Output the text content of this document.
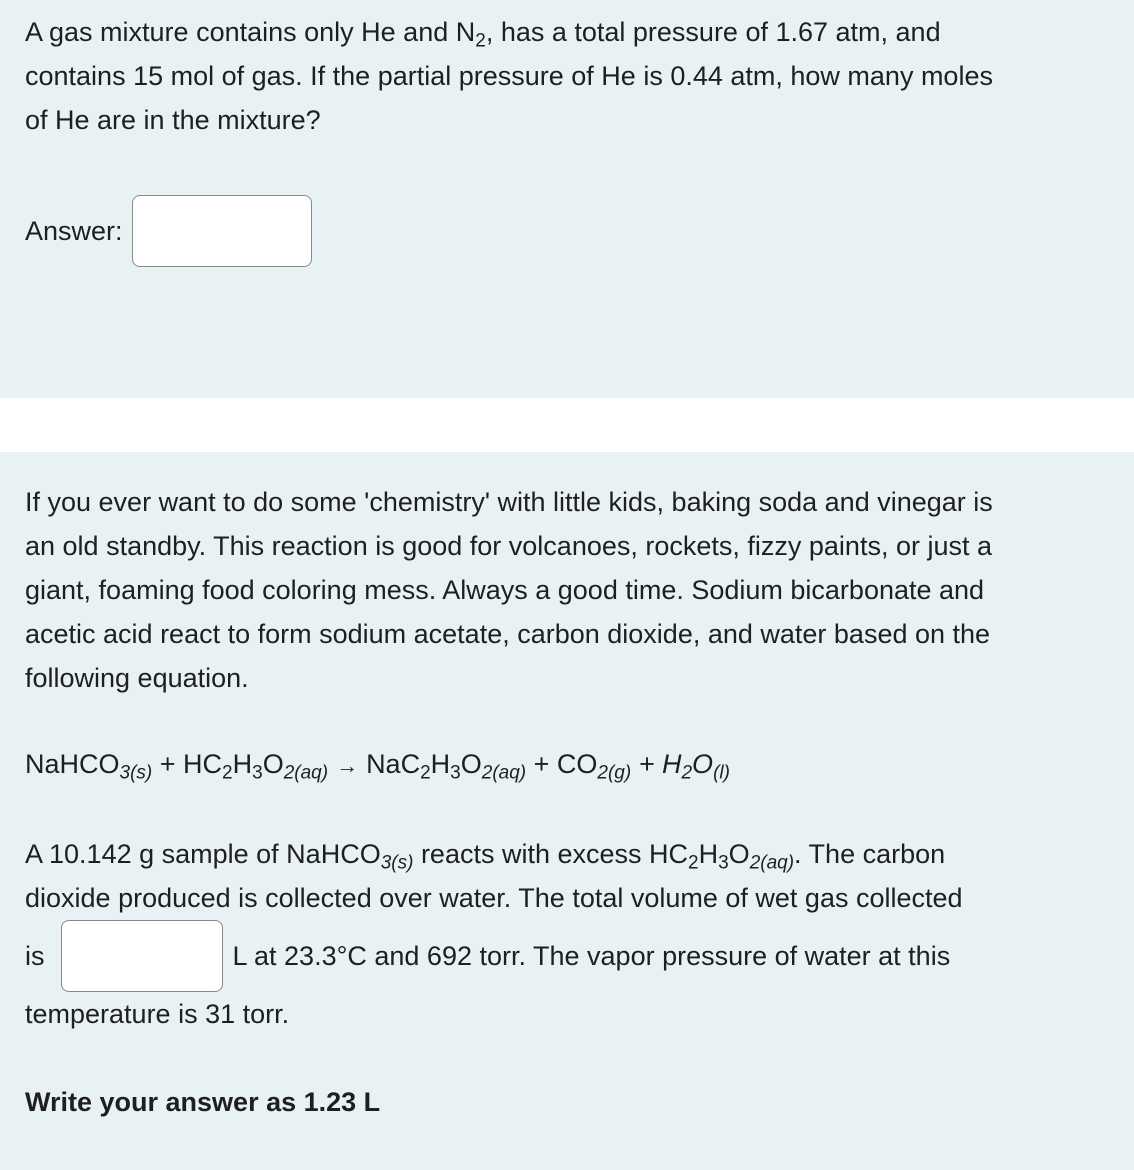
A gas mixture contains only He and $N_2$, has a total pressure of 1.67 atm, and
contains 15 mol of gas. If the partial pressure of He is 0.44 atm, how many moles
of He are in the mixture?
Answer:
If you ever want to do some 'chemistry' with little kids, baking soda and vinegar is
an old standby. This reaction is good for volcanoes, rockets, fizzy paints, or just a
giant, foaming food coloring mess. Always a good time. Sodium bicarbonate and
acetic acid react to form sodium acetate, carbon dioxide, and water based on the
following equation.
NaHCO$_{3(s)}$ + $HC_2H_3O_{2(aq)} \to NaC_2H_3O_{2(aq)} + CO_{2(g)} + H_2O_{(l)}$
A 10.142 g sample of NaHCO$_{3(s)}$ reacts with excess $HC_2H_3O_{2(aq)}$. The carbon
dioxide produced is collected over water. The total volume of wet gas collected
is	L at 23.3°C and 692 torr. The vapor pressure of water at this
temperature is 31 torr.
Write your answer as 1.23 L
